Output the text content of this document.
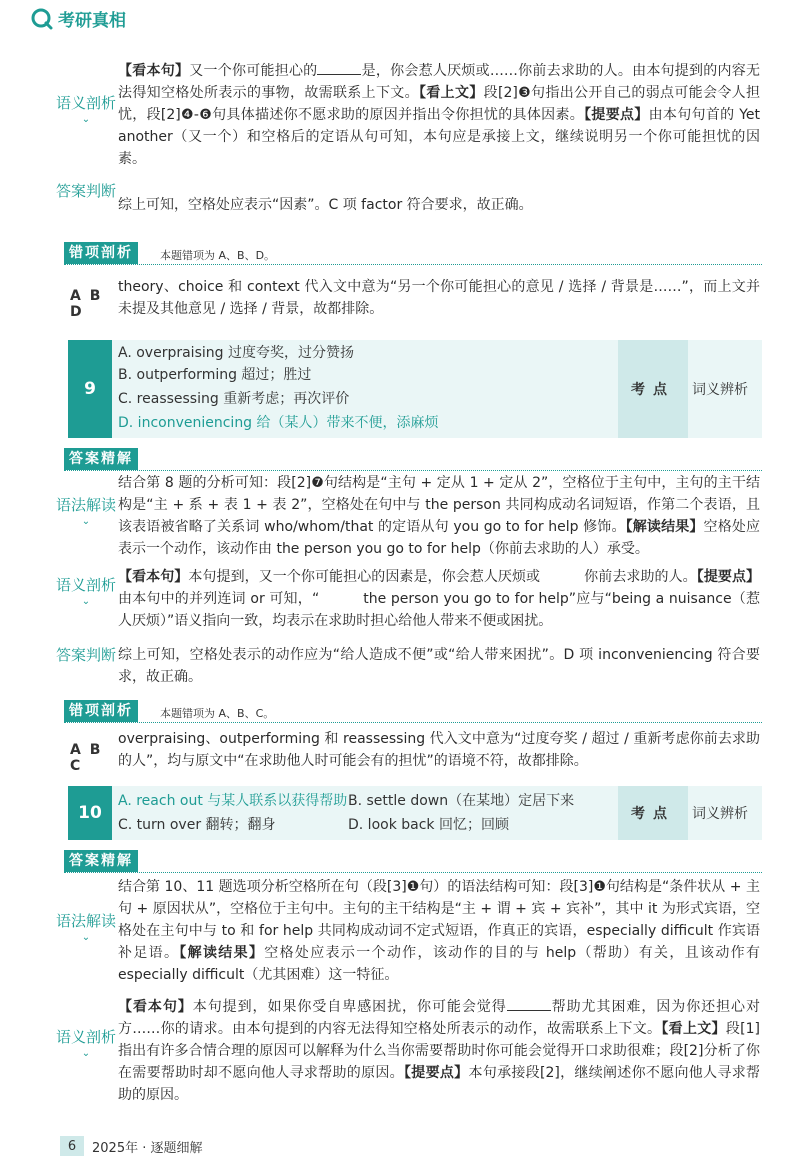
考研真相
语义剖析
⌄
【看本句】又一个你可能担心的	是，你会惹人厌烦或……你前去求助的人。由本句提到的内容无法得知空格处所表示的事物，故需联系上下文。【看上文】段[2]❸句指出公开自己的弱点可能会令人担忧，段[2]❹-❻句具体描述你不愿求助的原因并指出令你担忧的具体因素。【提要点】由本句句首的 Yet another（又一个）和空格后的定语从句可知，本句应是承接上文，继续说明另一个你可能担忧的因素。
答案判断
综上可知，空格处应表示“因素”。C 项 factor 符合要求，故正确。
错项剖析	本题错项为 A、B、D。
A B D
theory、choice 和 context 代入文中意为“另一个你可能担心的意见 / 选择 / 背景是……”，而上文并未提及其他意见 / 选择 / 背景，故都排除。
9
A. overpraising 过度夸奖，过分赞扬
B. outperforming 超过；胜过
C. reassessing 重新考虑；再次评价
D. inconveniencing 给（某人）带来不便，添麻烦
考点	词义辨析
答案精解
语法解读
⌄
结合第 8 题的分析可知：段[2]❼句结构是“主句 + 定从 1 + 定从 2”，空格位于主句中，主句的主干结构是“主 + 系 + 表 1 + 表 2”，空格处在句中与 the person 共同构成动名词短语，作第二个表语，且该表语被省略了关系词 who/whom/that 的定语从句 you go to for help 修饰。【解读结果】空格处应表示一个动作，该动作由 the person you go to for help（你前去求助的人）承受。
语义剖析
⌄
【看本句】本句提到，又一个你可能担心的因素是，你会惹人厌烦或	你前去求助的人。【提要点】由本句中的并列连词 or 可知，“	the person you go to for help”应与“being a nuisance（惹人厌烦）”语义指向一致，均表示在求助时担心给他人带来不便或困扰。
答案判断 综上可知，空格处表示的动作应为“给人造成不便”或“给人带来困扰”。D 项 inconveniencing 符合要求，故正确。
错项剖析	本题错项为 A、B、C。
A B C
overpraising、outperforming 和 reassessing 代入文中意为“过度夸奖 / 超过 / 重新考虑你前去求助的人”，均与原文中“在求助他人时可能会有的担忧”的语境不符，故都排除。
10
A. reach out 与某人联系以获得帮助 B. settle down（在某地）定居下来
C. turn over 翻转；翻身	D. look back 回忆；回顾
考点	词义辨析
答案精解
语法解读
⌄
结合第 10、11 题选项分析空格所在句（段[3]❶句）的语法结构可知：段[3]❶句结构是“条件状从 + 主句 + 原因状从”，空格位于主句中。主句的主干结构是“主 + 谓 + 宾 + 宾补”，其中 it 为形式宾语，空格处在主句中与 to 和 for help 共同构成动词不定式短语，作真正的宾语，especially difficult 作宾语补足语。【解读结果】空格处应表示一个动作，该动作的目的与 help（帮助）有关，且该动作有 especially difficult（尤其困难）这一特征。
语义剖析
⌄
【看本句】本句提到，如果你受自卑感困扰，你可能会觉得	帮助尤其困难，因为你还担心对方……你的请求。由本句提到的内容无法得知空格处所表示的动作，故需联系上下文。【看上文】段[1]指出有许多合情合理的原因可以解释为什么当你需要帮助时你可能会觉得开口求助很难；段[2]分析了你在需要帮助时却不愿向他人寻求帮助的原因。【提要点】本句承接段[2]，继续阐述你不愿向他人寻求帮助的原因。
6	2025年 · 逐题细解
